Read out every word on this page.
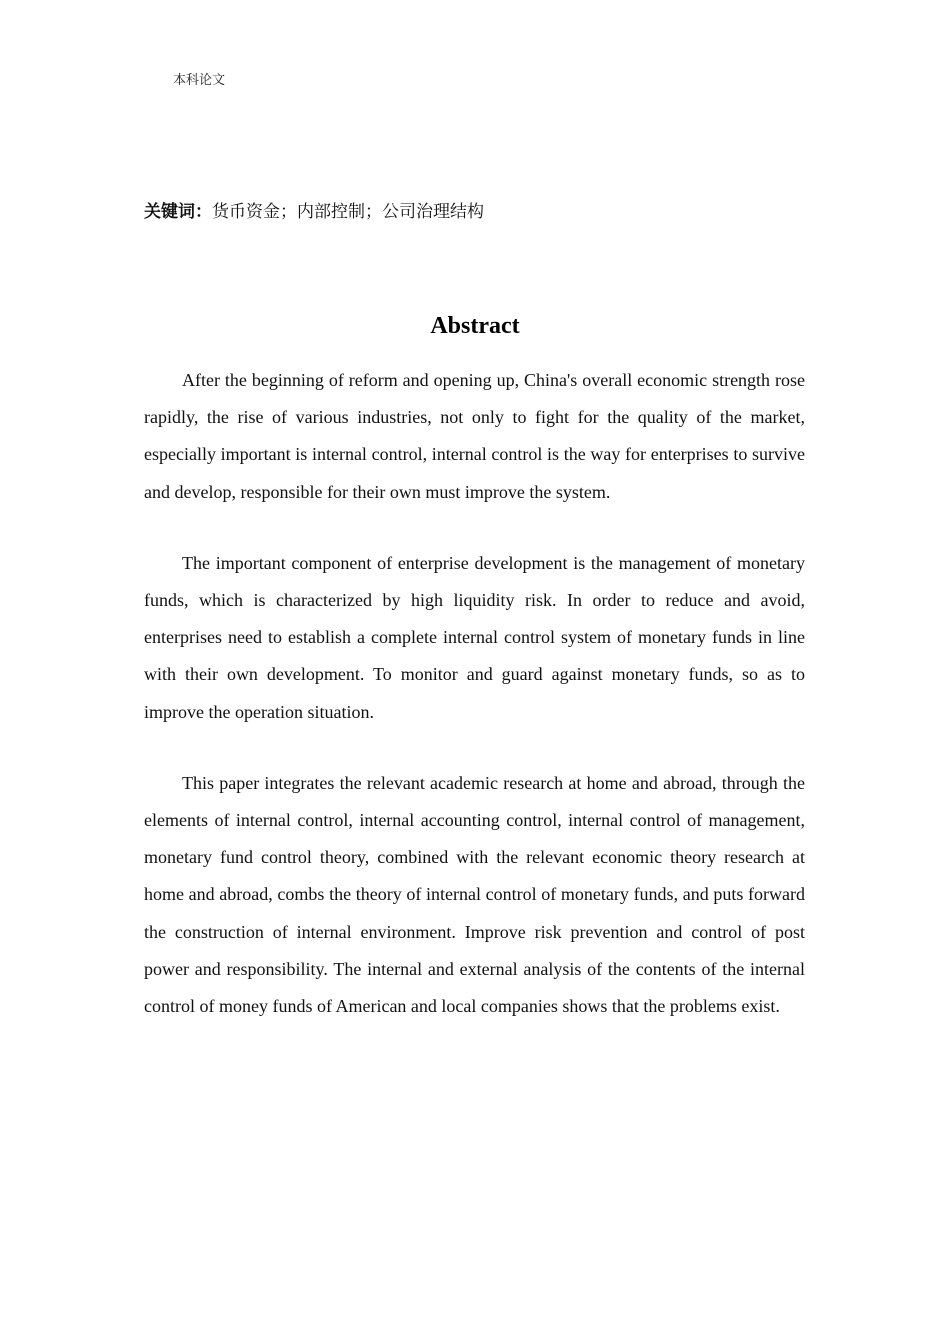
本科论文
关键词：货币资金；内部控制；公司治理结构
Abstract

After the beginning of reform and opening up, China's overall economic strength rose rapidly, the rise of various industries, not only to fight for the quality of the market, especially important is internal control, internal control is the way for enterprises to survive and develop, responsible for their own must improve the system.

The important component of enterprise development is the management of monetary funds, which is characterized by high liquidity risk. In order to reduce and avoid, enterprises need to establish a complete internal control system of monetary funds in line with their own development. To monitor and guard against monetary funds, so as to improve the operation situation.

This paper integrates the relevant academic research at home and abroad, through the elements of internal control, internal accounting control, internal control of management, monetary fund control theory, combined with the relevant economic theory research at home and abroad, combs the theory of internal control of monetary funds, and puts forward the construction of internal environment. Improve risk prevention and control of post power and responsibility. The internal and external analysis of the contents of the internal control of money funds of American and local companies shows that the problems exist.
